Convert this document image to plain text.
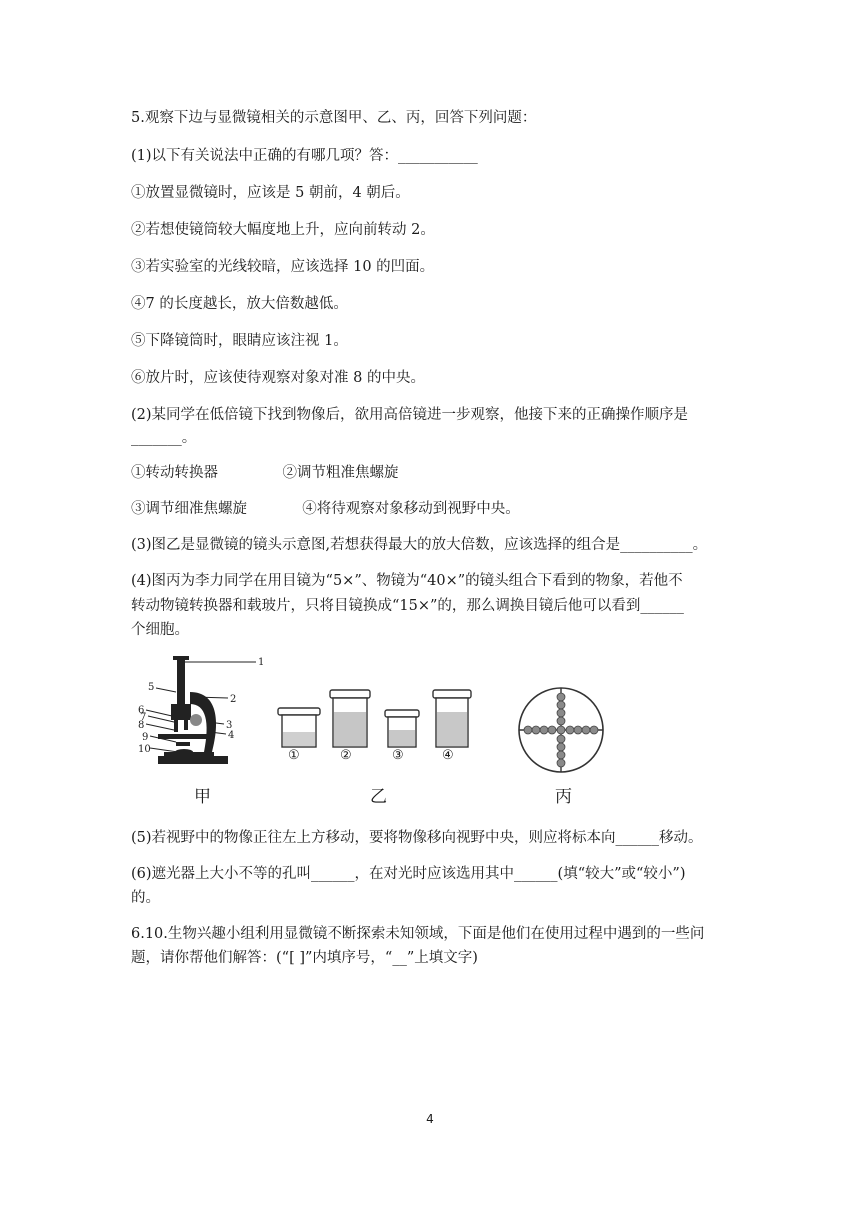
5.观察下边与显微镜相关的示意图甲、乙、丙，回答下列问题：
(1)以下有关说法中正确的有哪几项？答：___________
①放置显微镜时，应该是 5 朝前，4 朝后。
②若想使镜筒较大幅度地上升，应向前转动 2。
③若实验室的光线较暗，应该选择 10 的凹面。
④7 的长度越长，放大倍数越低。
⑤下降镜筒时，眼睛应该注视 1。
⑥放片时，应该使待观察对象对准 8 的中央。
(2)某同学在低倍镜下找到物像后，欲用高倍镜进一步观察，他接下来的正确操作顺序是
_______。
①转动转换器              ②调节粗准焦螺旋
③调节细准焦螺旋            ④将待观察对象移动到视野中央。
(3)图乙是显微镜的镜头示意图,若想获得最大的放大倍数，应该选择的组合是__________。
(4)图丙为李力同学在用目镜为“5×”、物镜为“40×”的镜头组合下看到的物象，若他不
转动物镜转换器和载玻片，只将目镜换成“15×”的，那么调换目镜后他可以看到______
个细胞。
1
2
3
4
5
6
7
8
9
10	①	②	③	④
甲	乙	丙
(5)若视野中的物像正往左上方移动，要将物像移向视野中央，则应将标本向______移动。
(6)遮光器上大小不等的孔叫______，在对光时应该选用其中______(填“较大”或“较小”)
的。
6.10.生物兴趣小组利用显微镜不断探索未知领域，下面是他们在使用过程中遇到的一些问
题，请你帮他们解答：(“[ ]”内填序号，“__”上填文字)
4
